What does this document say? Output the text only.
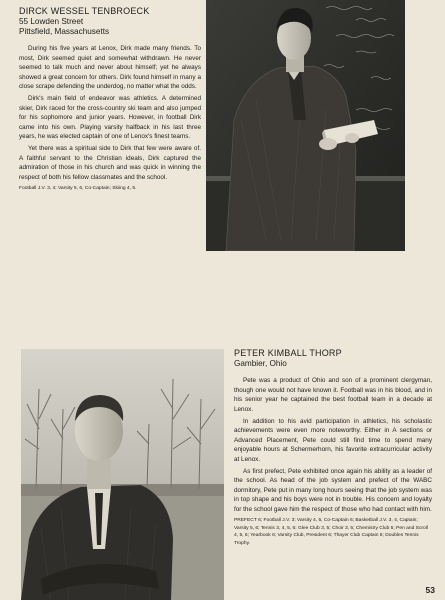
DIRCK WESSEL TENBROECK
55 Lowden Street
Pittsfield, Massachusetts

During his five years at Lenox, Dirk made many friends. To most, Dirk seemed quiet and somewhat withdrawn. He never seemed to talk much and never about himself; yet he always showed a great concern for others. Dirk found himself in many a close scrape defending the underdog, no matter what the odds.

Dirk's main field of endeavor was athletics. A determined skier, Dirk raced for the cross-country ski team and also jumped for his sophomore and junior years. However, in football Dirk came into his own. Playing varsity halfback in his last three years, he was elected captain of one of Lenox's finest teams.

Yet there was a spiritual side to Dirk that few were aware of. A faithful servant to the Christian ideals, Dirk captured the admiration of those in his church and was quick in winning the respect of both his fellow classmates and the school.

Football J.V. 3, 4; Varsity 5, 6, Co-Captain; Skiing 4, 5.
PETER KIMBALL THORP
Gambier, Ohio

Pete was a product of Ohio and son of a prominent clergyman, though one would not have known it. Football was in his blood, and in his senior year he captained the best football team in a decade at Lenox.

In addition to his avid participation in athletics, his scholastic achievements were even more noteworthy. Either in A sections or Advanced Placement, Pete could still find time to spend many enjoyable hours at Schermerhorn, his favorite extracurricular activity at Lenox.

As first prefect, Pete exhibited once again his ability as a leader of the school. As head of the job system and prefect of the WABC dormitory, Pete put in many long hours seeing that the job system was in top shape and his boys were not in trouble. His concern and loyalty for the school gave him the respect of those who had contact with him.

PREFECT 6; Football J.V. 3; Varsity 4, 5, Co-Captain 6; Basketball J.V. 3, 4, Captain; Varsity 5, 6; Tennis 3, 4, 5, 6; Glee Club 3, 5; Choir 3, 5; Chemistry Club 5; Pen and Scroll 4, 5, 6; Yearbook 6; Varsity Club, President 6; Thayer Club Captain 6; Doubles Tennis Trophy.
53
